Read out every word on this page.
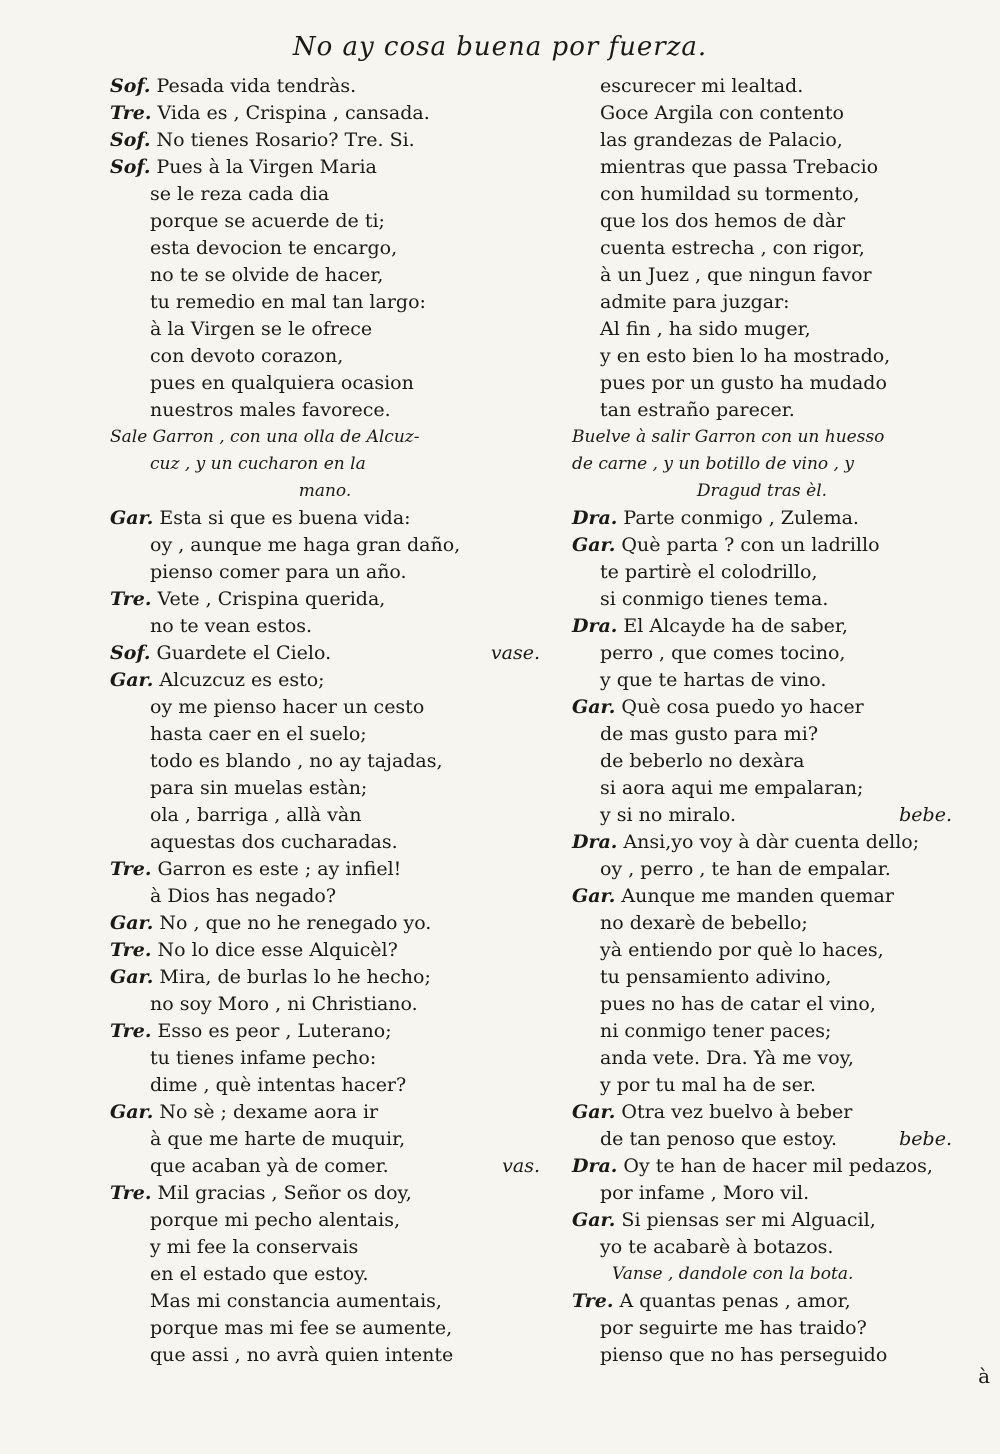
No ay cosa buena por fuerza.
Sof. Pesada vida tendràs.
Tre. Vida es , Crispina , cansada.
Sof. No tienes Rosario? Tre. Si.
Sof. Pues à la Virgen Maria
se le reza cada dia
porque se acuerde de ti;
esta devocion te encargo,
no te se olvide de hacer,
tu remedio en mal tan largo:
à la Virgen se le ofrece
con devoto corazon,
pues en qualquiera ocasion
nuestros males favorece.
Sale Garron , con una olla de Alcuz-
cuz , y un cucharon en la
mano.
Gar. Esta si que es buena vida:
oy , aunque me haga gran daño,
pienso comer para un año.
Tre. Vete , Crispina querida,
no te vean estos.
Sof. Guardete el Cielo.	vase.
Gar. Alcuzcuz es esto;
oy me pienso hacer un cesto
hasta caer en el suelo;
todo es blando , no ay tajadas,
para sin muelas estàn;
ola , barriga , allà vàn
aquestas dos cucharadas.
Tre. Garron es este ; ay infiel!
à Dios has negado?
Gar. No , que no he renegado yo.
Tre. No lo dice esse Alquicèl?
Gar. Mira, de burlas lo he hecho;
no soy Moro , ni Christiano.
Tre. Esso es peor , Luterano;
tu tienes infame pecho:
dime , què intentas hacer?
Gar. No sè ; dexame aora ir
à que me harte de muquir,
que acaban yà de comer.	vas.
Tre. Mil gracias , Señor os doy,
porque mi pecho alentais,
y mi fee la conservais
en el estado que estoy.
Mas mi constancia aumentais,
porque mas mi fee se aumente,
que assi , no avrà quien intente
escurecer mi lealtad.
Goce Argila con contento
las grandezas de Palacio,
mientras que passa Trebacio
con humildad su tormento,
que los dos hemos de dàr
cuenta estrecha , con rigor,
à un Juez , que ningun favor
admite para juzgar:
Al fin , ha sido muger,
y en esto bien lo ha mostrado,
pues por un gusto ha mudado
tan estraño parecer.
Buelve à salir Garron con un huesso
de carne , y un botillo de vino , y
Dragud tras èl.
Dra. Parte conmigo , Zulema.
Gar. Què parta ? con un ladrillo
te partirè el colodrillo,
si conmigo tienes tema.
Dra. El Alcayde ha de saber,
perro , que comes tocino,
y que te hartas de vino.
Gar. Què cosa puedo yo hacer
de mas gusto para mi?
de beberlo no dexàra
si aora aqui me empalaran;
y si no miralo.	bebe.
Dra. Ansi,yo voy à dàr cuenta dello;
oy , perro , te han de empalar.
Gar. Aunque me manden quemar
no dexarè de bebello;
yà entiendo por què lo haces,
tu pensamiento adivino,
pues no has de catar el vino,
ni conmigo tener paces;
anda vete. Dra. Yà me voy,
y por tu mal ha de ser.
Gar. Otra vez buelvo à beber
de tan penoso que estoy.	bebe.
Dra. Oy te han de hacer mil pedazos,
por infame , Moro vil.
Gar. Si piensas ser mi Alguacil,
yo te acabarè à botazos.
Vanse , dandole con la bota.
Tre. A quantas penas , amor,
por seguirte me has traido?
pienso que no has perseguido
à
